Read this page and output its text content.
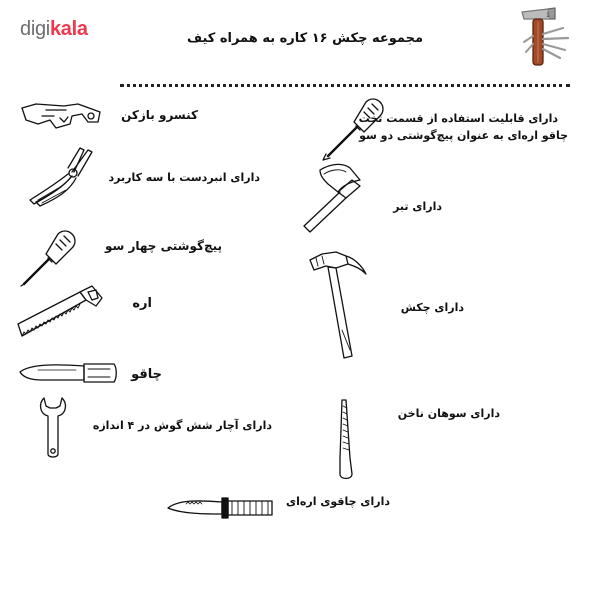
digikala	مجموعه چکش ۱۶ کاره به همراه کیف
1
کنسرو بازکن
دارای انبردست با سه کاربرد
پیچ‌گوشتی چهار سو
اره
چاقو
دارای آچار شش گوش در ۴ اندازه
دارای قابلیت استفاده از قسمت تخت
چاقو اره‌ای به عنوان پیچ‌گوشتی دو سو
دارای تبر
دارای چکش
دارای سوهان ناخن
دارای چاقوی اره‌ای
